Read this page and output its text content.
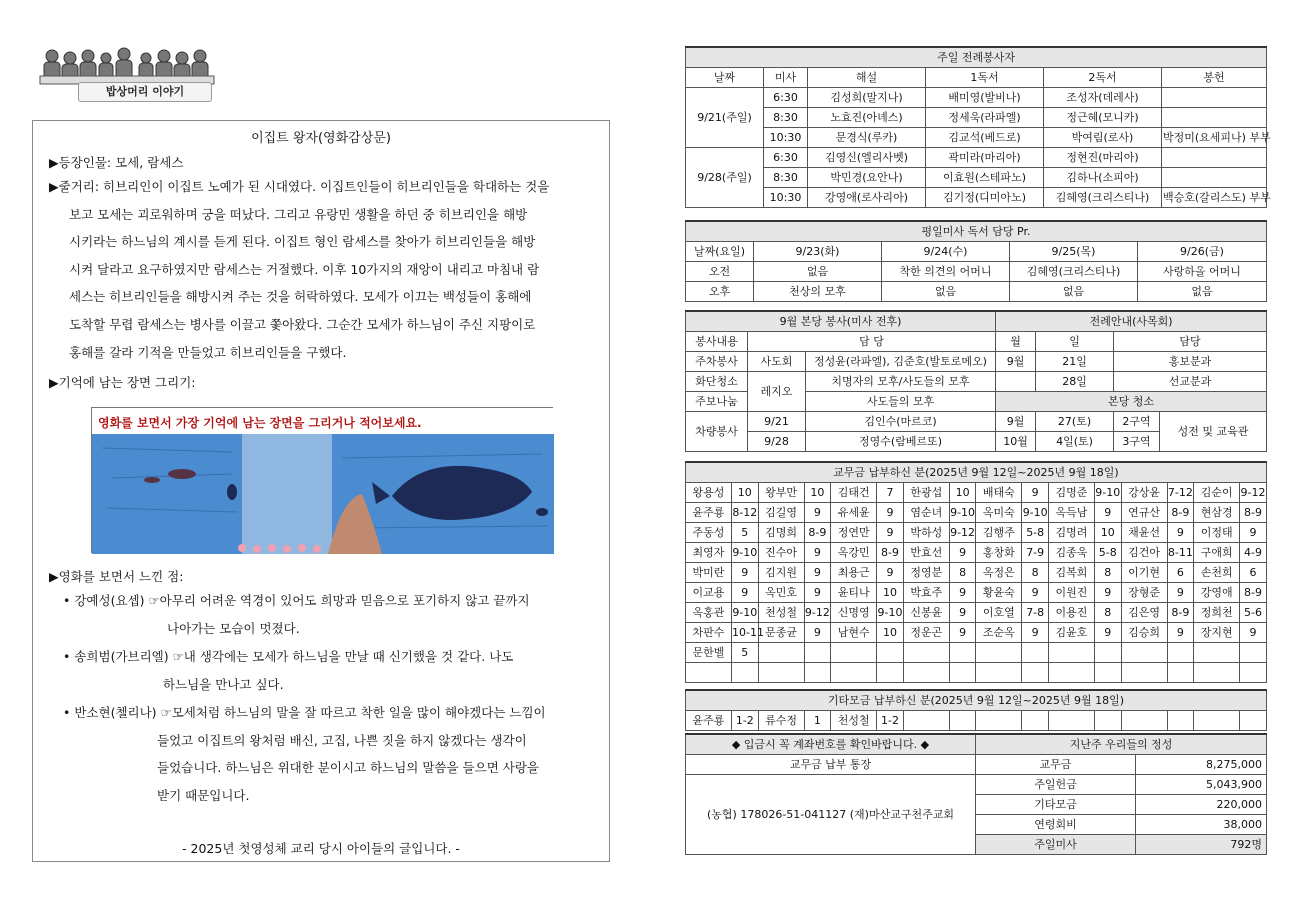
밥상머리 이야기
이집트 왕자(영화감상문)
▶등장인물: 모세, 람세스
▶줄거리: 히브리인이 이집트 노예가 된 시대였다. 이집트인들이 히브리인들을 학대하는 것을
보고 모세는 괴로워하며 궁을 떠났다. 그리고 유랑민 생활을 하던 중 히브리인을 해방
시키라는 하느님의 계시를 듣게 된다. 이집트 형인 람세스를 찾아가 히브리인들을 해방
시켜 달라고 요구하였지만 람세스는 거절했다. 이후 10가지의 재앙이 내리고 마침내 람
세스는 히브리인들을 해방시켜 주는 것을 허락하였다. 모세가 이끄는 백성들이 홍해에
도착할 무렵 람세스는 병사를 이끌고 쫓아왔다. 그순간 모세가 하느님이 주신 지팡이로
홍해를 갈라 기적을 만들었고 히브리인들을 구했다.
▶기억에 남는 장면 그리기:
영화를 보면서 가장 기억에 남는 장면을 그리거나 적어보세요.
▶영화를 보면서 느낀 점:
• 강예성(요셉) ☞아무리 어려운 역경이 있어도 희망과 믿음으로 포기하지 않고 끝까지
나아가는 모습이 멋졌다.
• 송희범(가브리엘) ☞내 생각에는 모세가 하느님을 만날 때 신기했을 것 같다. 나도
하느님을 만나고 싶다.
• 반소현(첼리나) ☞모세처럼 하느님의 말을 잘 따르고 착한 일을 많이 해야겠다는 느낌이
들었고 이집트의 왕처럼 배신, 고집, 나쁜 짓을 하지 않겠다는 생각이
들었습니다. 하느님은 위대한 분이시고 하느님의 말씀을 들으면 사랑을
받기 때문입니다.
- 2025년 첫영성체 교리 당시 아이들의 글입니다. -
주일 전례봉사자					
날짜	미사	해설	1독서	2독서	봉헌
9/21(주일)	6:30	김성희(말지나)	배미영(발비나)	조성자(데레사)	
	8:30	노효진(아녜스)	정세욱(라파엘)	정근혜(모니카)	
	10:30	문경식(루카)	김교석(베드로)	박여림(로사)	박정미(요세피나) 부부
9/28(주일)	6:30	김영신(엘리사벳)	곽미라(마리아)	정현진(마리아)	
	8:30	박민경(요안나)	이효원(스테파노)	김하나(소피아)	
	10:30	강영애(로사리아)	김기정(디미아노)	김혜영(크리스티나)	백승호(갈리스도) 부부
평일미사 독서 담당 Pr.				
날짜(요일)	9/23(화)	9/24(수)	9/25(목)	9/26(금)
오전	없음	착한 의견의 어머니	김혜영(크리스티나)	사랑하올 어머니
오후	천상의 모후	없음	없음	없음
9월 본당 봉사(미사 전후)			전례안내(사목회)			
봉사내용	담 당		월	일	담당	
주차봉사	사도회	정성윤(라파엘), 김준호(발토로메오)	9월	21일	홍보분과	
화단청소	레지오	치명자의 모후/사도들의 모후		28일	선교분과	
주보나눔		사도들의 모후	본당 청소			
차량봉사	9/21	김인수(마르코)	9월	27(토)	2구역	성전 및 교육관
	9/28	정영수(람베르또)	10월	4일(토)	3구역	
교무금 납부하신 분(2025년 9월 12일~2025년 9월 18일)															
왕용성	10	왕부만	10	김태건	7	한광섭	10	배태숙	9	김명준	9-10	강상윤	7-12	김순이	9-12
윤주룡	8-12	김길영	9	유세윤	9	염순녀	9-10	옥미숙	9-10	옥득남	9	연규산	8-9	현삼경	8-9
주동성	5	김명희	8-9	정연만	9	박하성	9-12	김행주	5-8	김명려	10	채윤선	9	이정태	9
최영자	9-10	진수아	9	옥강민	8-9	반효선	9	홍창화	7-9	김종욱	5-8	김건아	8-11	구애희	4-9
박미란	9	김지원	9	최용근	9	정영분	8	옥정은	8	김복희	8	이기현	6	손천희	6
이교용	9	옥민호	9	윤티나	10	박효주	9	황윤숙	9	이원진	9	장형준	9	강영애	8-9
옥홍관	9-10	천성철	9-12	신명영	9-10	신봉윤	9	이호열	7-8	이용진	8	김은영	8-9	정희천	5-6
차판수	10-11	문종균	9	남현수	10	정운곤	9	조순옥	9	김윤호	9	김승희	9	장지현	9
문한벨	5														

기타모금 납부하신 분(2025년 9월 12일~2025년 9월 18일)
윤주룡	1-2	류수정	1	천성철	1-2										
◆ 입금시 꼭 계좌번호를 확인바랍니다. ◆	지난주 우리들의 정성	
교무금 납부 통장	교무금	8,275,000
(농협) 178026-51-041127 (재)마산교구천주교회	주일헌금	5,043,900
	기타모금	220,000
	연령회비	38,000
	주일미사	792명
